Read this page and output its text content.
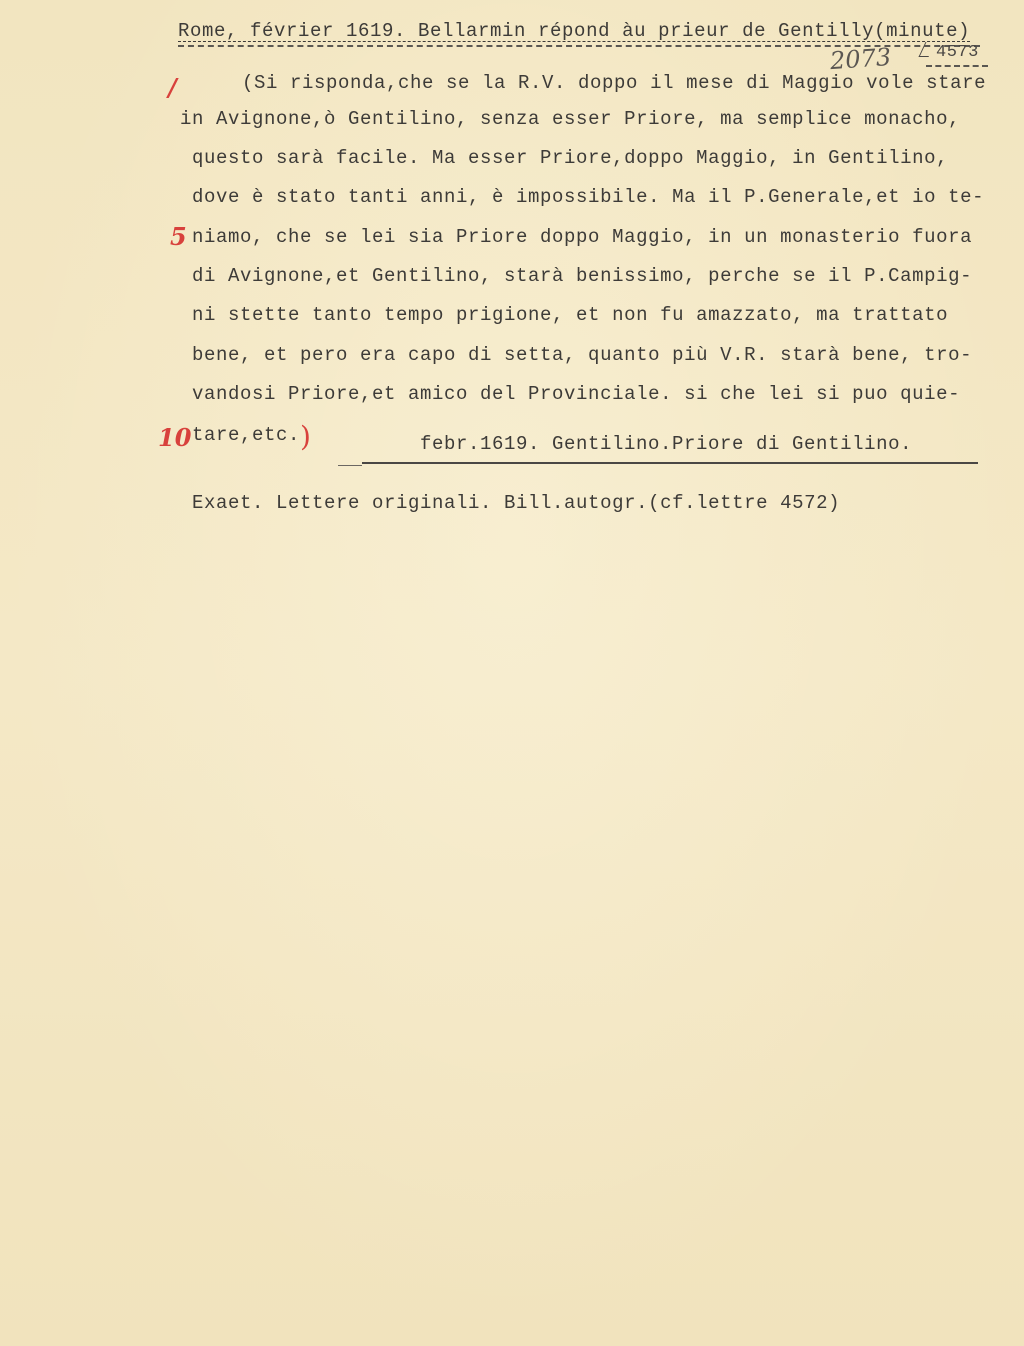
Rome, février 1619. Bellarmin répond àu prieur de Gentilly(minute)
2073	4573
/
5
10
(Si risponda,che se la R.V. doppo il mese di Maggio vole stare
in Avignone,ò Gentilino, senza esser Priore, ma semplice monacho,
questo sarà facile. Ma esser Priore,doppo Maggio, in Gentilino,
dove è stato tanti anni, è impossibile. Ma il P.Generale,et io te-
niamo, che se lei sia Priore doppo Maggio, in un monasterio fuora
di Avignone,et Gentilino, starà benissimo, perche se il P.Campig-
ni stette tanto tempo prigione, et non fu amazzato, ma trattato
bene, et pero era capo di setta, quanto più V.R. starà bene, tro-
vandosi Priore,et amico del Provinciale. si che lei si puo quie-
tare,etc. )	febr.1619. Gentilino.Priore di Gentilino.
Exaet. Lettere originali. Bill.autogr.(cf.lettre 4572)
